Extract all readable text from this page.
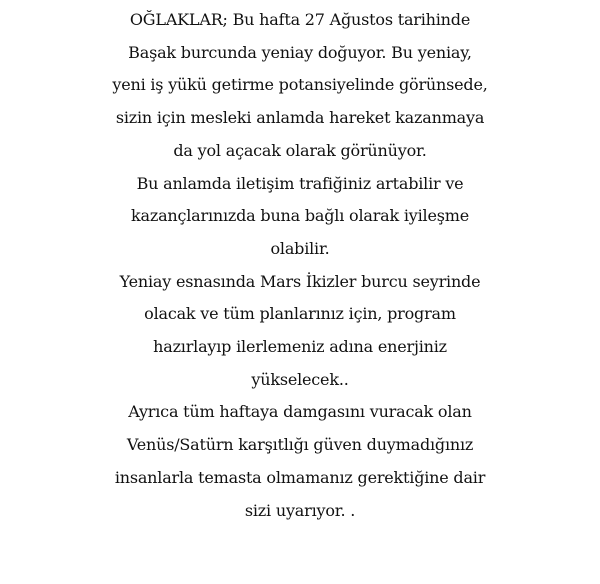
OĞLAKLAR; Bu hafta 27 Ağustos tarihinde
Başak burcunda yeniay doğuyor. Bu yeniay,
yeni iş yükü getirme potansiyelinde görünsede,
sizin için mesleki anlamda hareket kazanmaya
da yol açacak olarak görünüyor.
Bu anlamda iletişim trafiğiniz artabilir ve
kazançlarınızda buna bağlı olarak iyileşme
olabilir.
Yeniay esnasında Mars İkizler burcu seyrinde
olacak ve tüm planlarınız için, program
hazırlayıp ilerlemeniz adına enerjiniz
yükselecek..
Ayrıca tüm haftaya damgasını vuracak olan
Venüs/Satürn karşıtlığı güven duymadığınız
insanlarla temasta olmamanız gerektiğine dair
sizi uyarıyor. .
